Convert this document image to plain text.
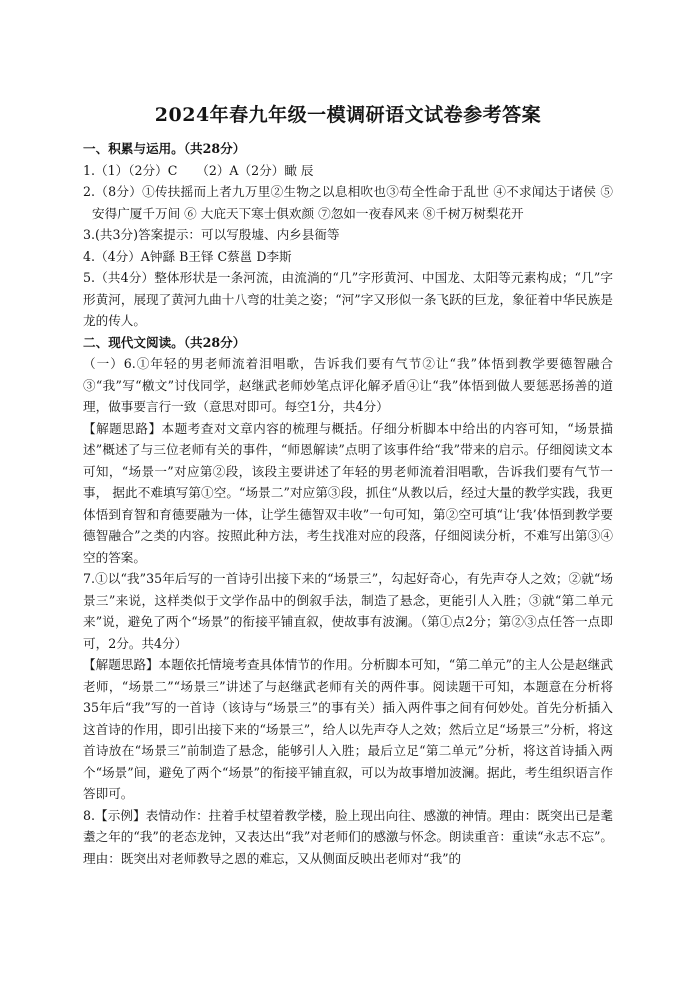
2024年春九年级一模调研语文试卷参考答案

一、积累与运用。（共28分）

1.（1）（2分）C　　（2）A（2分）瞰 辰

2.（8分）①传扶摇而上者九万里②生物之以息相吹也③苟全性命于乱世 ④不求闻达于诸侯 ⑤安得广厦千万间 ⑥ 大庇天下寒士俱欢颜 ⑦忽如一夜春风来 ⑧千树万树梨花开

3.(共3分)答案提示：可以写殷墟、内乡县衙等

4.（4分）A钟繇 B王铎 C蔡邕 D李斯

5.（共4分）整体形状是一条河流，由流淌的“几”字形黄河、中国龙、太阳等元素构成；“几”字形黄河，展现了黄河九曲十八弯的壮美之姿；“河”字又形似一条飞跃的巨龙，象征着中华民族是龙的传人。

二、现代文阅读。（共28分）

（一）6.①年轻的男老师流着泪唱歌，告诉我们要有气节②让“我”体悟到教学要德智融合③“我”写“檄文”讨伐同学，赵继武老师妙笔点评化解矛盾④让“我”体悟到做人要惩恶扬善的道理，做事要言行一致（意思对即可。每空1分，共4分）

【解题思路】本题考查对文章内容的梳理与概括。仔细分析脚本中给出的内容可知，“场景描述”概述了与三位老师有关的事件，“师恩解读”点明了该事件给“我”带来的启示。仔细阅读文本可知，“场景一”对应第②段，该段主要讲述了年轻的男老师流着泪唱歌，告诉我们要有气节一事， 据此不难填写第①空。“场景二”对应第③段，抓住“从教以后，经过大量的教学实践，我更体悟到育智和育德要融为一体，让学生德智双丰收”一句可知，第②空可填“让‘我’体悟到教学要德智融合”之类的内容。按照此种方法，考生找准对应的段落，仔细阅读分析，不难写出第③④空的答案。

7.①以“我”35年后写的一首诗引出接下来的“场景三”，勾起好奇心，有先声夺人之效；②就“场景三”来说，这样类似于文学作品中的倒叙手法，制造了悬念，更能引人入胜；③就“第二单元来”说，避免了两个“场景”的衔接平铺直叙，使故事有波澜。（第①点2分；第②③点任答一点即可，2分。共4分）

【解题思路】本题依托情境考查具体情节的作用。分析脚本可知，“第二单元”的主人公是赵继武老师，“场景二”“场景三”讲述了与赵继武老师有关的两件事。阅读题干可知，本题意在分析将35年后“我”写的一首诗（该诗与“场景三”的事有关）插入两件事之间有何妙处。首先分析插入这首诗的作用，即引出接下来的“场景三”，给人以先声夺人之效；然后立足“场景三”分析，将这首诗放在“场景三”前制造了悬念，能够引人入胜；最后立足“第二单元”分析，将这首诗插入两个“场景”间，避免了两个“场景”的衔接平铺直叙，可以为故事增加波澜。据此，考生组织语言作答即可。

8.【示例】表情动作：拄着手杖望着教学楼，脸上现出向往、感激的神情。理由：既突出已是耄耋之年的“我”的老态龙钟，又表达出“我”对老师们的感激与怀念。朗读重音：重读“永志不忘”。理由：既突出对老师教导之恩的难忘，又从侧面反映出老师对“我”的
